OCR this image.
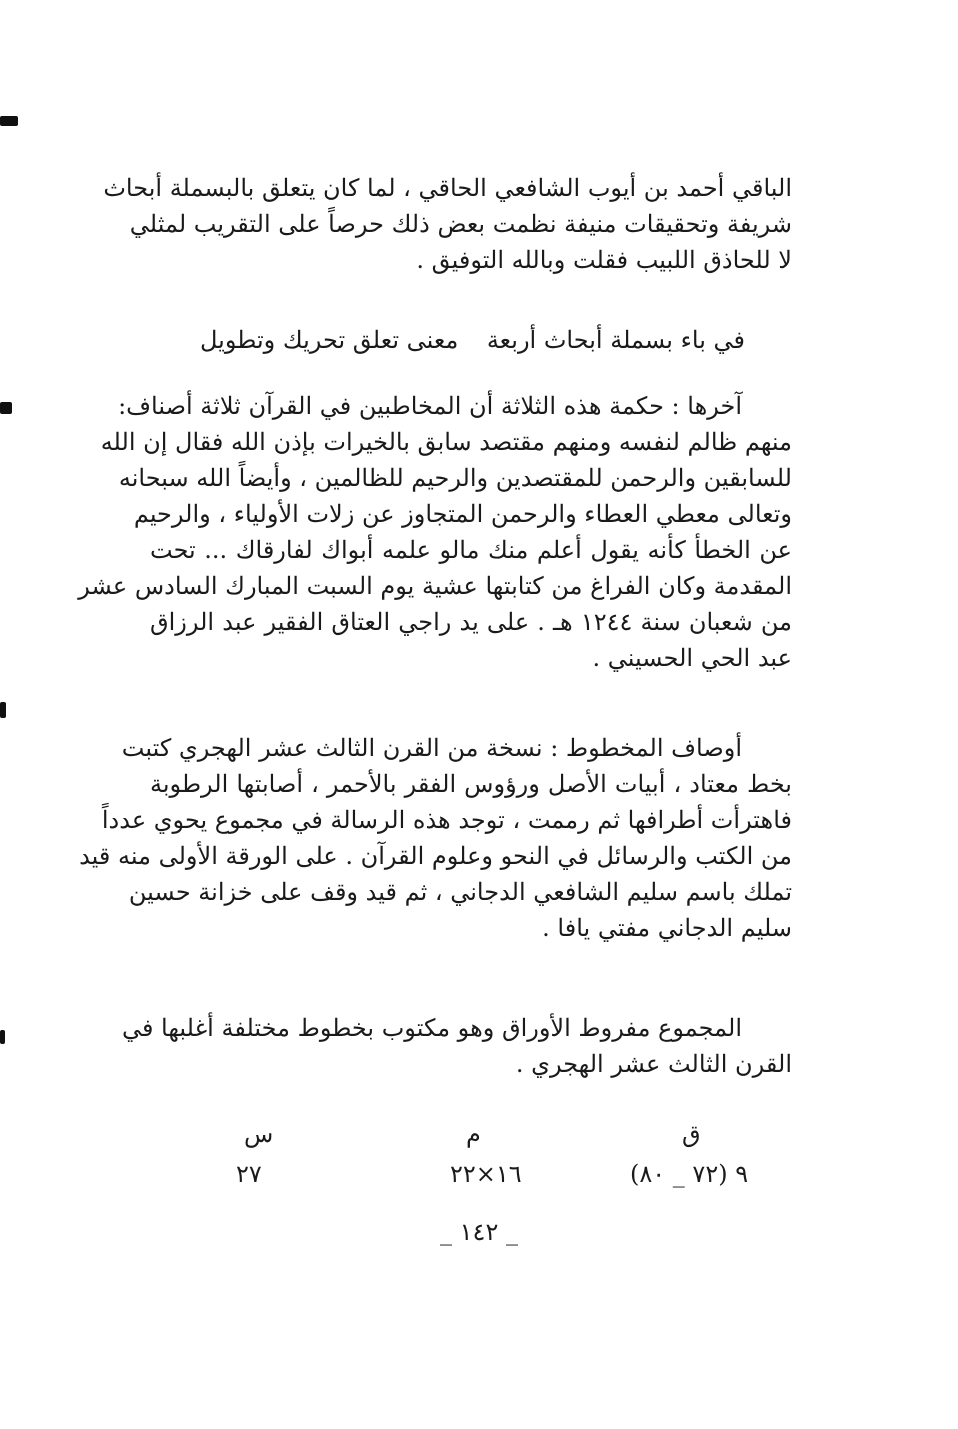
الباقي أحمد بن أيوب الشافعي الحاقي ، لما كان يتعلق بالبسملة أبحاث
شريفة وتحقيقات منيفة نظمت بعض ذلك حرصاً على التقريب لمثلي
لا للحاذق اللبيب فقلت وبالله التوفيق .
في باء بسملة أبحاث أربعة
معنى تعلق تحريك وتطويل
آخرها : حكمة هذه الثلاثة أن المخاطبين في القرآن ثلاثة أصناف:
منهم ظالم لنفسه ومنهم مقتصد سابق بالخيرات بإذن الله فقال إن الله
للسابقين والرحمن للمقتصدين والرحيم للظالمين ، وأيضاً الله سبحانه
وتعالى معطي العطاء والرحمن المتجاوز عن زلات الأولياء ، والرحيم
عن الخطأ كأنه يقول أعلم منك مالو علمه أبواك لفارقاك ... تحت
المقدمة وكان الفراغ من كتابتها عشية يوم السبت المبارك السادس عشر
من شعبان سنة ١٢٤٤ هـ . على يد راجي العتاق الفقير عبد الرزاق
عبد الحي الحسيني .
أوصاف المخطوط : نسخة من القرن الثالث عشر الهجري كتبت
بخط معتاد ، أبيات الأصل ورؤوس الفقر بالأحمر ، أصابتها الرطوبة
فاهترأت أطرافها ثم رممت ، توجد هذه الرسالة في مجموع يحوي عدداً
من الكتب والرسائل في النحو وعلوم القرآن . على الورقة الأولى منه قيد
تملك باسم سليم الشافعي الدجاني ، ثم قيد وقف على خزانة حسين
سليم الدجاني مفتي يافا .
المجموع مفروط الأوراق وهو مكتوب بخطوط مختلفة أغلبها في
القرن الثالث عشر الهجري .
ق
م
س
٩ (٧٢ _ ٨٠)
١٦×٢٢
٢٧
_ ١٤٢ _
